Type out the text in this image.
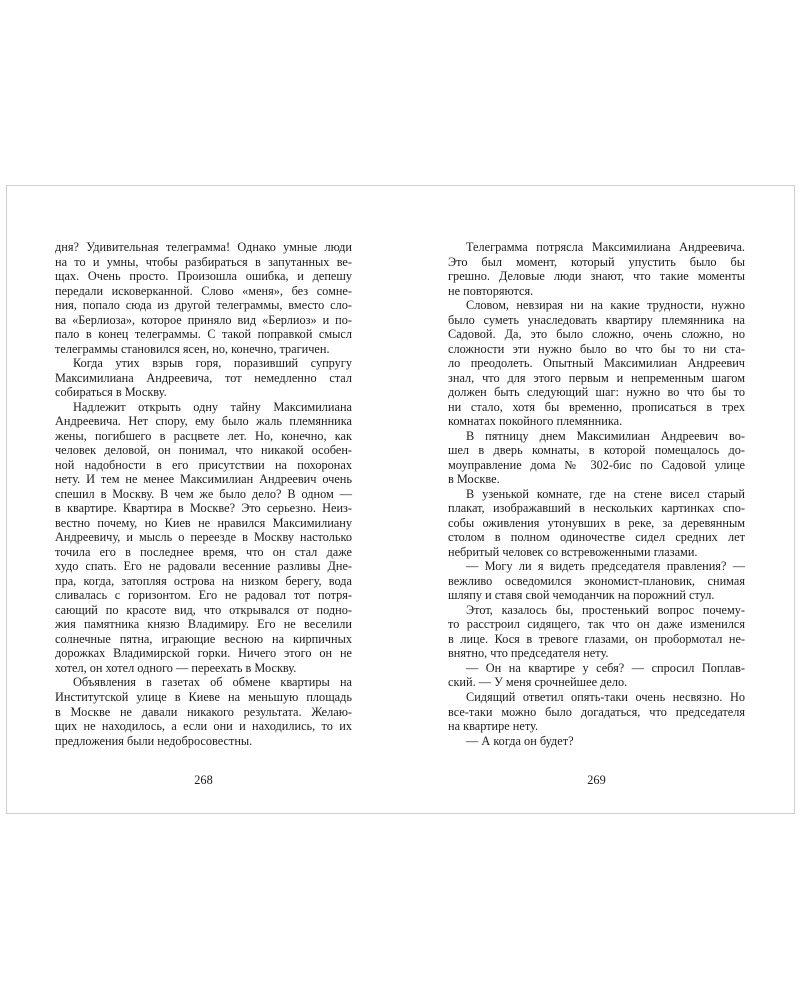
дня? Удивительная телеграмма! Однако умные люди
на то и умны, чтобы разбираться в запутанных ве-
щах. Очень просто. Произошла ошибка, и депешу
передали исковерканной. Слово «меня», без сомне-
ния, попало сюда из другой телеграммы, вместо сло-
ва «Берлиоза», которое приняло вид «Берлиоз» и по-
пало в конец телеграммы. С такой поправкой смысл
телеграммы становился ясен, но, конечно, трагичен.
Когда утих взрыв горя, поразивший супругу
Максимилиана Андреевича, тот немедленно стал
собираться в Москву.
Надлежит открыть одну тайну Максимилиана
Андреевича. Нет спору, ему было жаль племянника
жены, погибшего в расцвете лет. Но, конечно, как
человек деловой, он понимал, что никакой особен-
ной надобности в его присутствии на похоронах
нету. И тем не менее Максимилиан Андреевич очень
спешил в Москву. В чем же было дело? В одном —
в квартире. Квартира в Москве? Это серьезно. Неиз-
вестно почему, но Киев не нравился Максимилиану
Андреевичу, и мысль о переезде в Москву настолько
точила его в последнее время, что он стал даже
худо спать. Его не радовали весенние разливы Дне-
пра, когда, затопляя острова на низком берегу, вода
сливалась с горизонтом. Его не радовал тот потря-
сающий по красоте вид, что открывался от подно-
жия памятника князю Владимиру. Его не веселили
солнечные пятна, играющие весною на кирпичных
дорожках Владимирской горки. Ничего этого он не
хотел, он хотел одного — переехать в Москву.
Объявления в газетах об обмене квартиры на
Институтской улице в Киеве на меньшую площадь
в Москве не давали никакого результата. Желаю-
щих не находилось, а если они и находились, то их
предложения были недобросовестны.
268
Телеграмма потрясла Максимилиана Андреевича.
Это был момент, который упустить было бы
грешно. Деловые люди знают, что такие моменты
не повторяются.
Словом, невзирая ни на какие трудности, нужно
было суметь унаследовать квартиру племянника на
Садовой. Да, это было сложно, очень сложно, но
сложности эти нужно было во что бы то ни ста-
ло преодолеть. Опытный Максимилиан Андреевич
знал, что для этого первым и непременным шагом
должен быть следующий шаг: нужно во что бы то
ни стало, хотя бы временно, прописаться в трех
комнатах покойного племянника.
В пятницу днем Максимилиан Андреевич во-
шел в дверь комнаты, в которой помещалось до-
моуправление дома № 302-бис по Садовой улице
в Москве.
В узенькой комнате, где на стене висел старый
плакат, изображавший в нескольких картинках спо-
собы оживления утонувших в реке, за деревянным
столом в полном одиночестве сидел средних лет
небритый человек со встревоженными глазами.
— Могу ли я видеть председателя правления? —
вежливо осведомился экономист-плановик, снимая
шляпу и ставя свой чемоданчик на порожний стул.
Этот, казалось бы, простенький вопрос почему-
то расстроил сидящего, так что он даже изменился
в лице. Кося в тревоге глазами, он пробормотал не-
внятно, что председателя нету.
— Он на квартире у себя? — спросил Поплав-
ский. — У меня срочнейшее дело.
Сидящий ответил опять-таки очень несвязно. Но
все-таки можно было догадаться, что председателя
на квартире нету.
— А когда он будет?
269
